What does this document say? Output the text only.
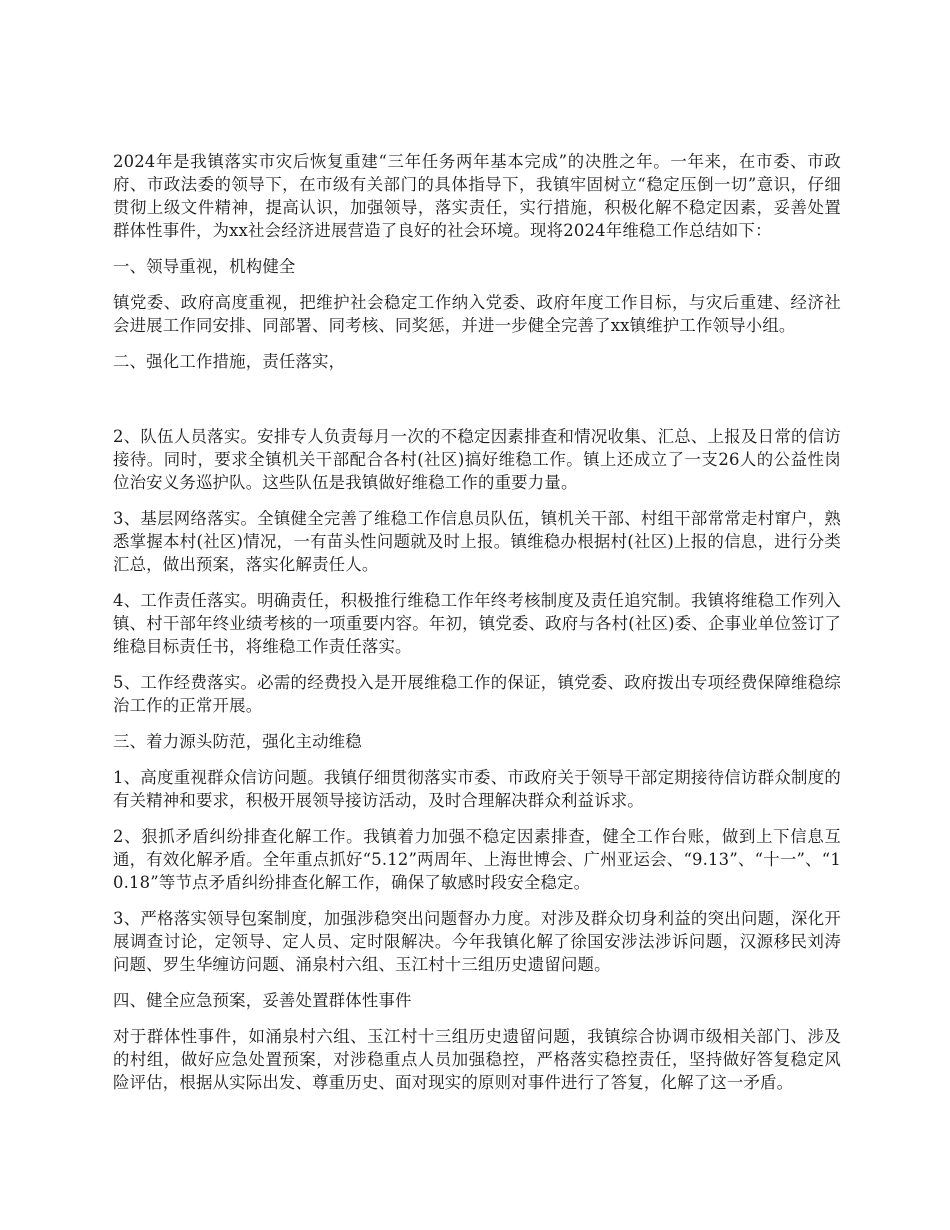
2024年是我镇落实市灾后恢复重建“三年任务两年基本完成”的决胜之年。一年来，在市委、市政府、市政法委的领导下，在市级有关部门的具体指导下，我镇牢固树立“稳定压倒一切”意识，仔细贯彻上级文件精神，提高认识，加强领导，落实责任，实行措施，积极化解不稳定因素，妥善处置群体性事件，为xx社会经济进展营造了良好的社会环境。现将2024年维稳工作总结如下：

一、领导重视，机构健全

镇党委、政府高度重视，把维护社会稳定工作纳入党委、政府年度工作目标，与灾后重建、经济社会进展工作同安排、同部署、同考核、同奖惩，并进一步健全完善了xx镇维护工作领导小组。

二、强化工作措施，责任落实，

2、队伍人员落实。安排专人负责每月一次的不稳定因素排查和情况收集、汇总、上报及日常的信访接待。同时，要求全镇机关干部配合各村(社区)搞好维稳工作。镇上还成立了一支26人的公益性岗位治安义务巡护队。这些队伍是我镇做好维稳工作的重要力量。

3、基层网络落实。全镇健全完善了维稳工作信息员队伍，镇机关干部、村组干部常常走村窜户，熟悉掌握本村(社区)情况，一有苗头性问题就及时上报。镇维稳办根据村(社区)上报的信息，进行分类汇总，做出预案，落实化解责任人。

4、工作责任落实。明确责任，积极推行维稳工作年终考核制度及责任追究制。我镇将维稳工作列入镇、村干部年终业绩考核的一项重要内容。年初，镇党委、政府与各村(社区)委、企事业单位签订了维稳目标责任书，将维稳工作责任落实。

5、工作经费落实。必需的经费投入是开展维稳工作的保证，镇党委、政府拨出专项经费保障维稳综治工作的正常开展。

三、着力源头防范，强化主动维稳

1、高度重视群众信访问题。我镇仔细贯彻落实市委、市政府关于领导干部定期接待信访群众制度的有关精神和要求，积极开展领导接访活动，及时合理解决群众利益诉求。

2、狠抓矛盾纠纷排查化解工作。我镇着力加强不稳定因素排查，健全工作台账，做到上下信息互通，有效化解矛盾。全年重点抓好“5.12”两周年、上海世博会、广州亚运会、“9.13”、“十一”、“10.18”等节点矛盾纠纷排查化解工作，确保了敏感时段安全稳定。

3、严格落实领导包案制度，加强涉稳突出问题督办力度。对涉及群众切身利益的突出问题，深化开展调查讨论，定领导、定人员、定时限解决。今年我镇化解了徐国安涉法涉诉问题，汉源移民刘涛问题、罗生华缠访问题、涌泉村六组、玉江村十三组历史遗留问题。

四、健全应急预案，妥善处置群体性事件

对于群体性事件，如涌泉村六组、玉江村十三组历史遗留问题，我镇综合协调市级相关部门、涉及的村组，做好应急处置预案，对涉稳重点人员加强稳控，严格落实稳控责任，坚持做好答复稳定风险评估，根据从实际出发、尊重历史、面对现实的原则对事件进行了答复，化解了这一矛盾。
